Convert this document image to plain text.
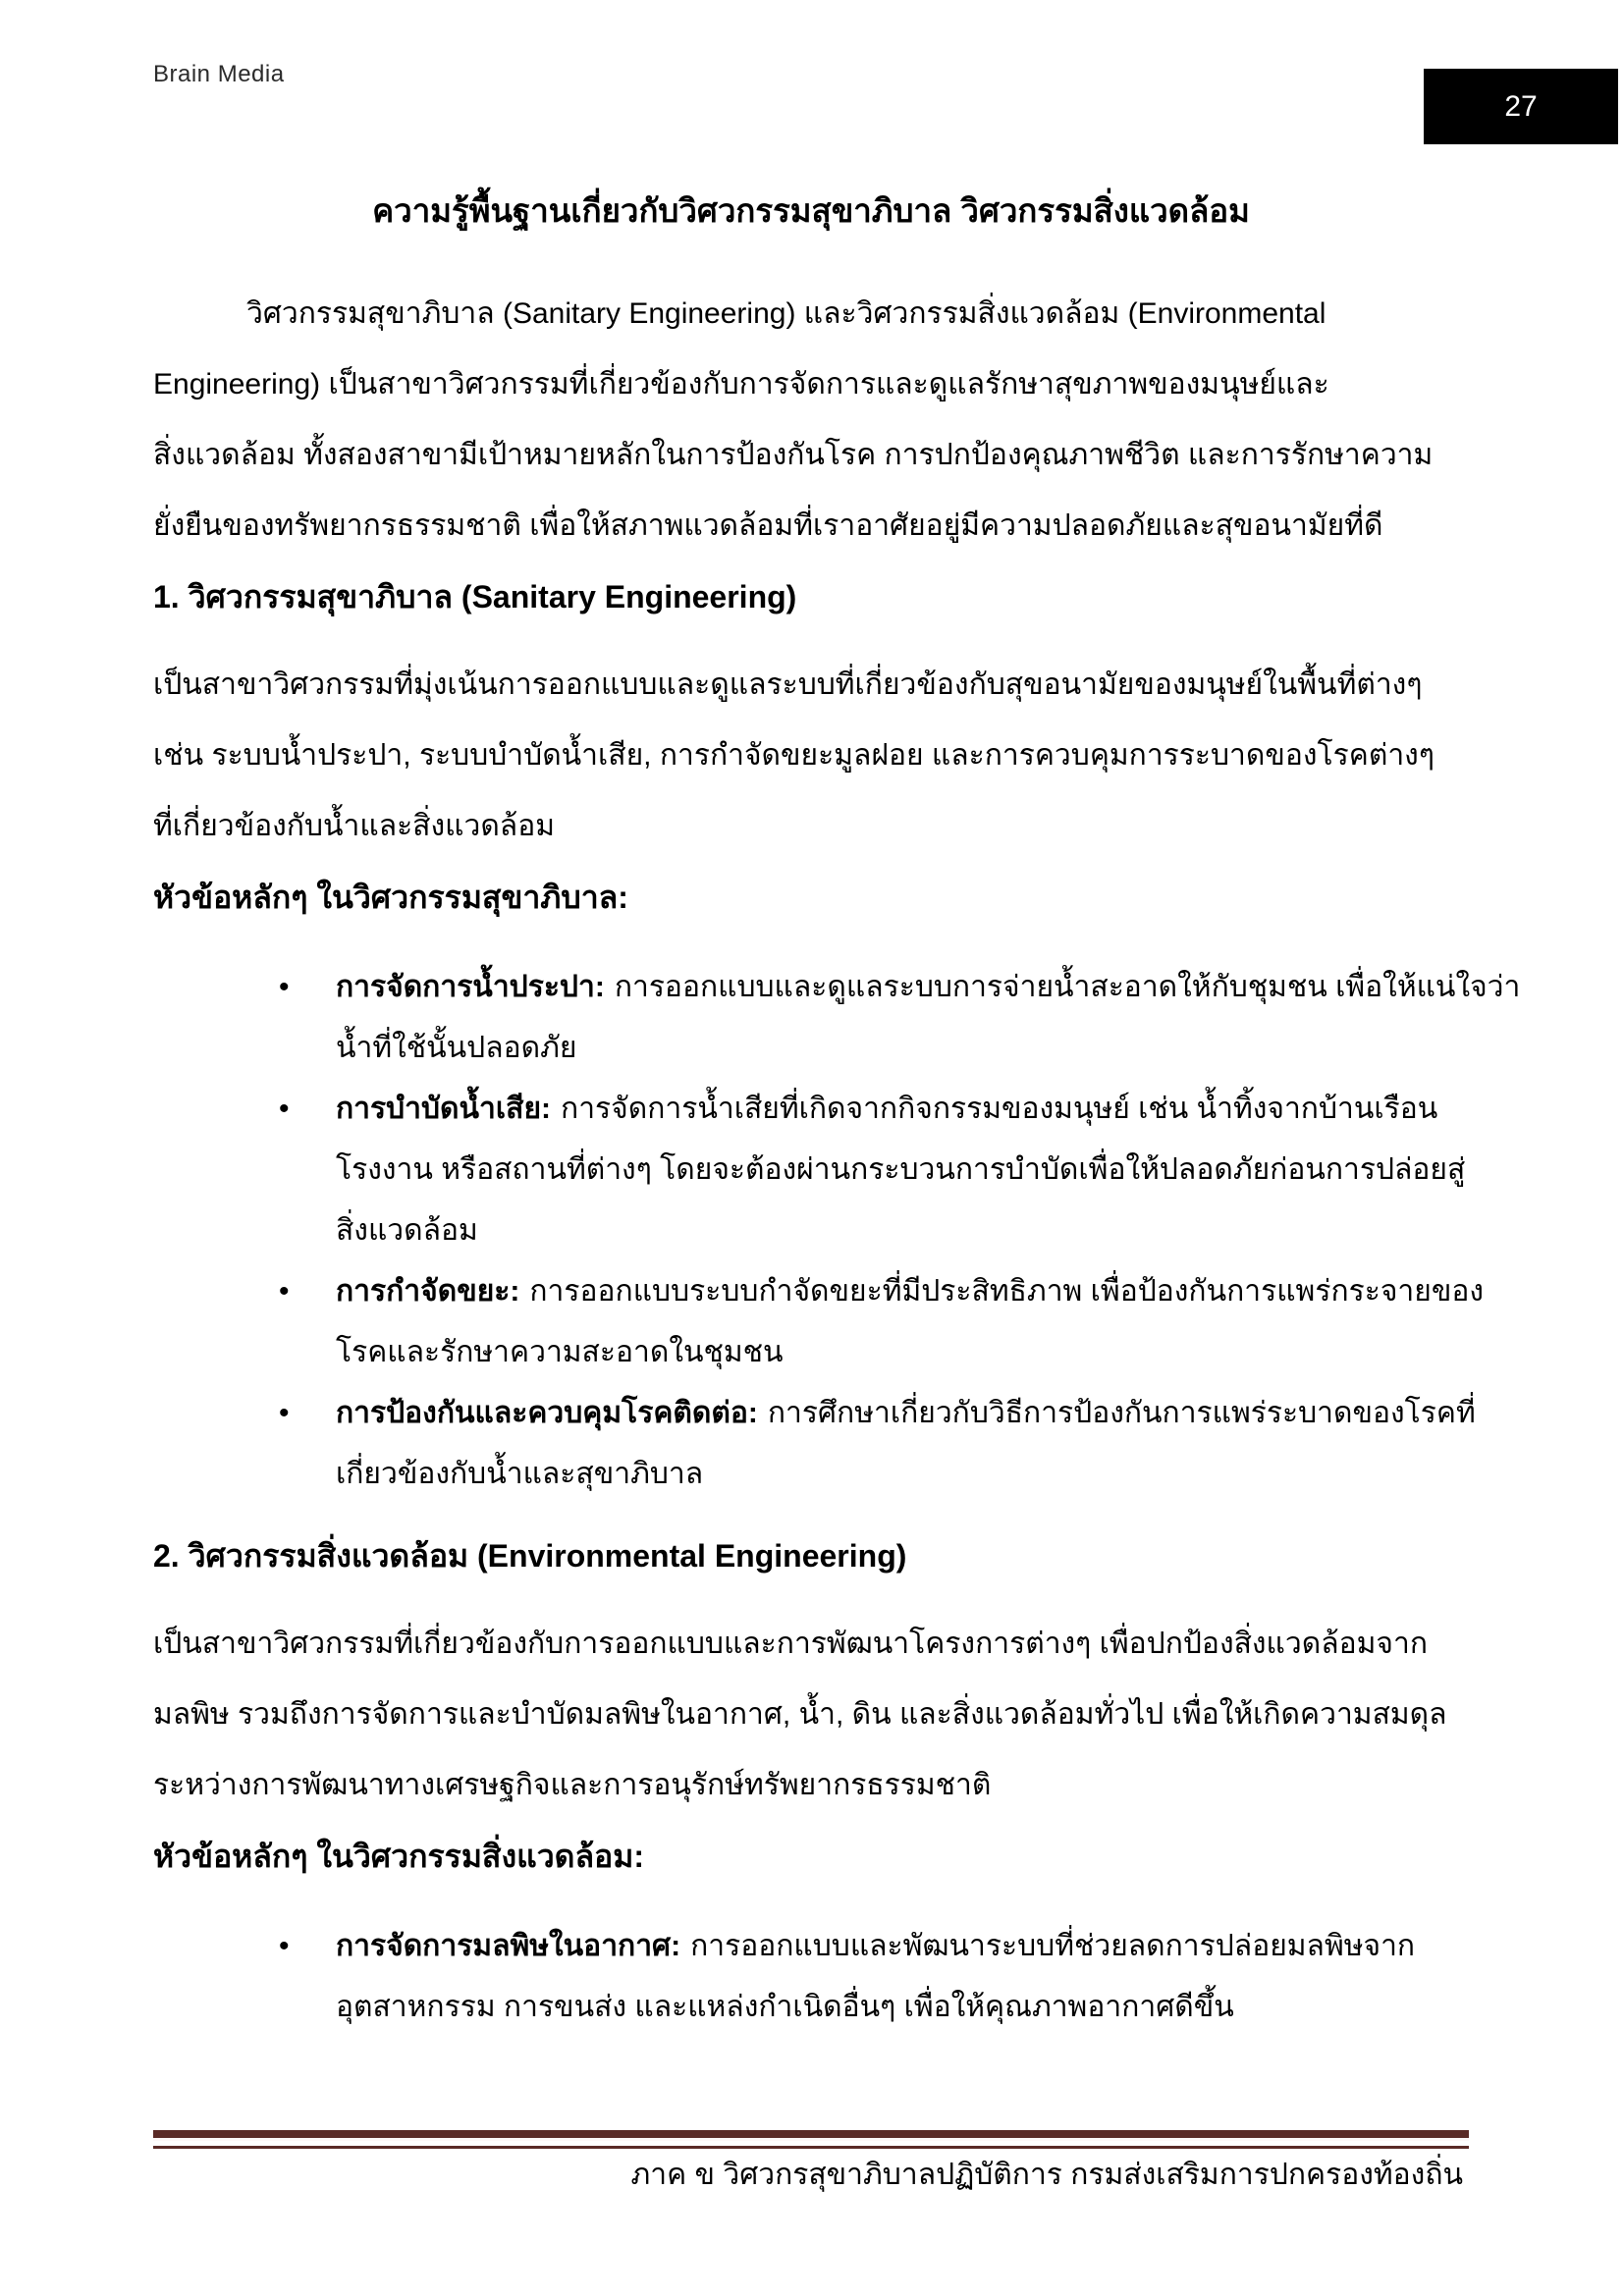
Brain Media
27
ความรู้พื้นฐานเกี่ยวกับวิศวกรรมสุขาภิบาล วิศวกรรมสิ่งแวดล้อม
วิศวกรรมสุขาภิบาล (Sanitary Engineering) และวิศวกรรมสิ่งแวดล้อม (Environmental
Engineering) เป็นสาขาวิศวกรรมที่เกี่ยวข้องกับการจัดการและดูแลรักษาสุขภาพของมนุษย์และ
สิ่งแวดล้อม ทั้งสองสาขามีเป้าหมายหลักในการป้องกันโรค การปกป้องคุณภาพชีวิต และการรักษาความ
ยั่งยืนของทรัพยากรธรรมชาติ เพื่อให้สภาพแวดล้อมที่เราอาศัยอยู่มีความปลอดภัยและสุขอนามัยที่ดี
1. วิศวกรรมสุขาภิบาล (Sanitary Engineering)
เป็นสาขาวิศวกรรมที่มุ่งเน้นการออกแบบและดูแลระบบที่เกี่ยวข้องกับสุขอนามัยของมนุษย์ในพื้นที่ต่างๆ
เช่น ระบบน้ำประปา, ระบบบำบัดน้ำเสีย, การกำจัดขยะมูลฝอย และการควบคุมการระบาดของโรคต่างๆ
ที่เกี่ยวข้องกับน้ำและสิ่งแวดล้อม
หัวข้อหลักๆ ในวิศวกรรมสุขาภิบาล:
•	การจัดการน้ำประปา: การออกแบบและดูแลระบบการจ่ายน้ำสะอาดให้กับชุมชน เพื่อให้แน่ใจว่า
น้ำที่ใช้นั้นปลอดภัย
•	การบำบัดน้ำเสีย: การจัดการน้ำเสียที่เกิดจากกิจกรรมของมนุษย์ เช่น น้ำทิ้งจากบ้านเรือน
โรงงาน หรือสถานที่ต่างๆ โดยจะต้องผ่านกระบวนการบำบัดเพื่อให้ปลอดภัยก่อนการปล่อยสู่
สิ่งแวดล้อม
•	การกำจัดขยะ: การออกแบบระบบกำจัดขยะที่มีประสิทธิภาพ เพื่อป้องกันการแพร่กระจายของ
โรคและรักษาความสะอาดในชุมชน
•	การป้องกันและควบคุมโรคติดต่อ: การศึกษาเกี่ยวกับวิธีการป้องกันการแพร่ระบาดของโรคที่
เกี่ยวข้องกับน้ำและสุขาภิบาล
2. วิศวกรรมสิ่งแวดล้อม (Environmental Engineering)
เป็นสาขาวิศวกรรมที่เกี่ยวข้องกับการออกแบบและการพัฒนาโครงการต่างๆ เพื่อปกป้องสิ่งแวดล้อมจาก
มลพิษ รวมถึงการจัดการและบำบัดมลพิษในอากาศ, น้ำ, ดิน และสิ่งแวดล้อมทั่วไป เพื่อให้เกิดความสมดุล
ระหว่างการพัฒนาทางเศรษฐกิจและการอนุรักษ์ทรัพยากรธรรมชาติ
หัวข้อหลักๆ ในวิศวกรรมสิ่งแวดล้อม:
•	การจัดการมลพิษในอากาศ: การออกแบบและพัฒนาระบบที่ช่วยลดการปล่อยมลพิษจาก
อุตสาหกรรม การขนส่ง และแหล่งกำเนิดอื่นๆ เพื่อให้คุณภาพอากาศดีขึ้น
ภาค ข วิศวกรสุขาภิบาลปฏิบัติการ กรมส่งเสริมการปกครองท้องถิ่น
